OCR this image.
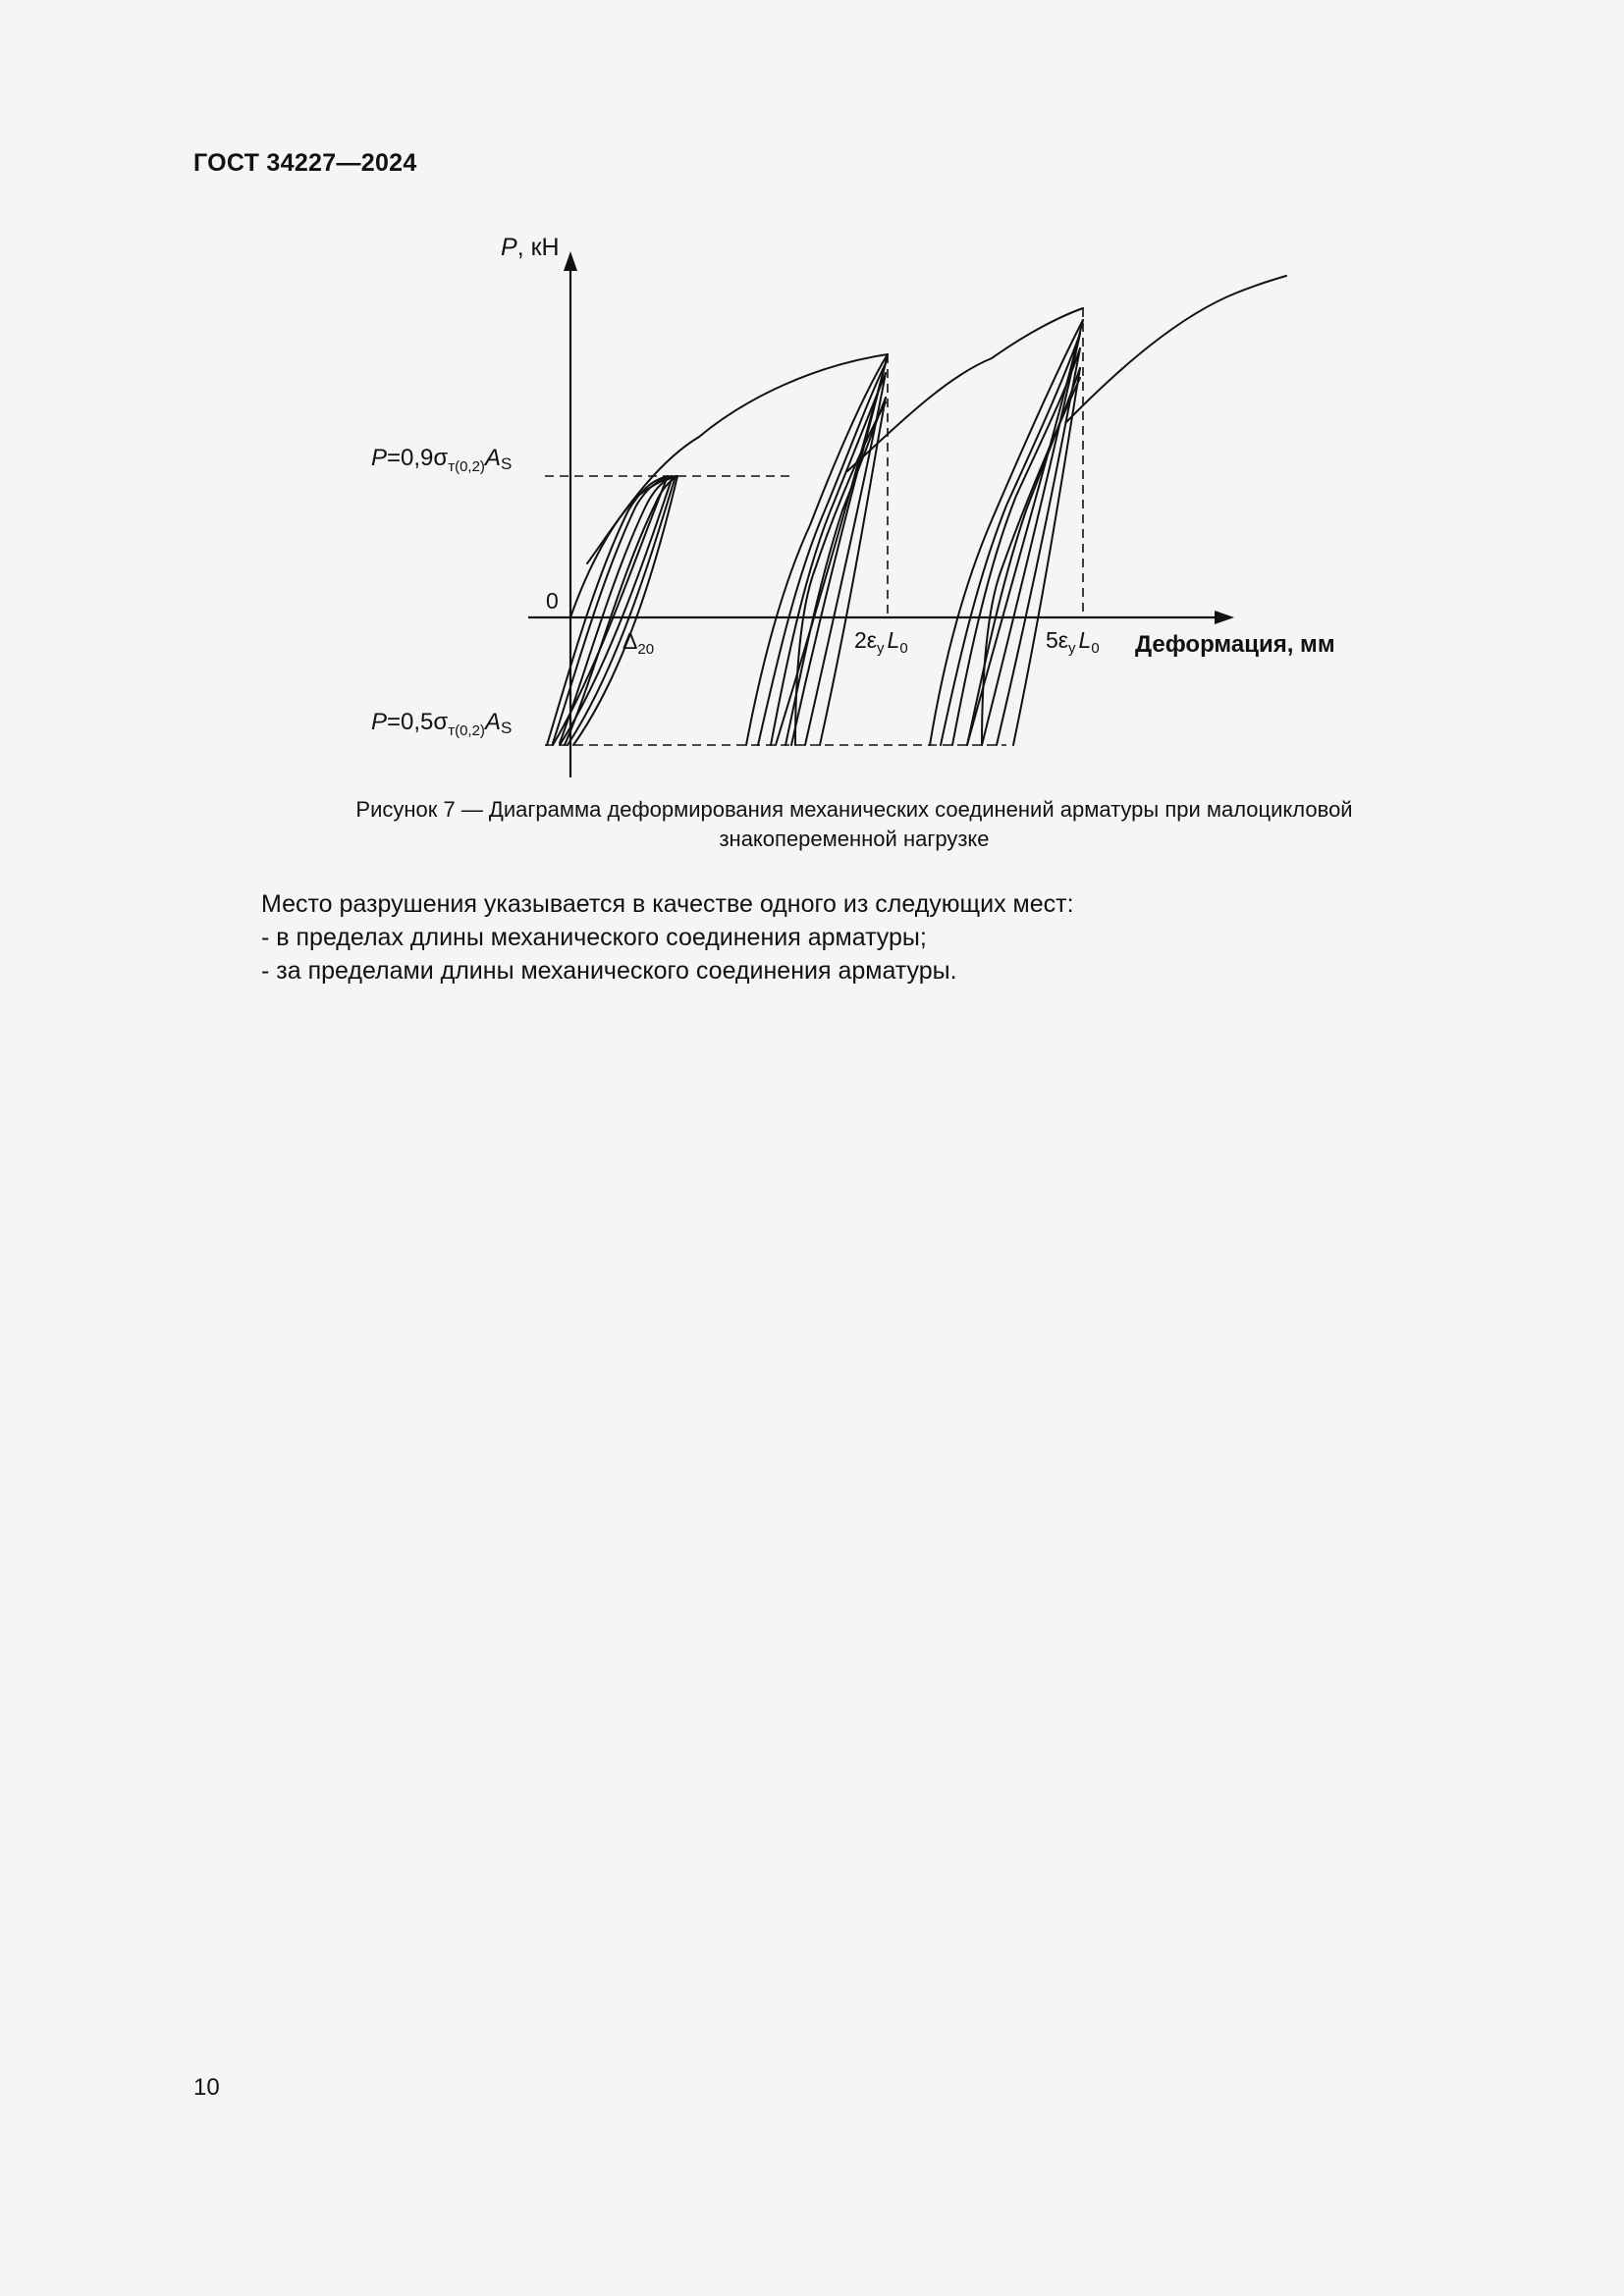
ГОСТ 34227—2024
P, кН
0
$P=0,9\sigma_{т(0,2)}AS$
$P=0,5\sigma_{т(0,2)}AS$
$\Delta_{20}$	$2\varepsilon_y$ $L_0$	$5\varepsilon_y$ $L_0$ Деформация, мм
Рисунок 7 — Диаграмма деформирования механических соединений арматуры при малоцикловой
знакопеременной нагрузке

Место разрушения указывается в качестве одного из следующих мест:

- в пределах длины механического соединения арматуры;

- за пределами длины механического соединения арматуры.

10
